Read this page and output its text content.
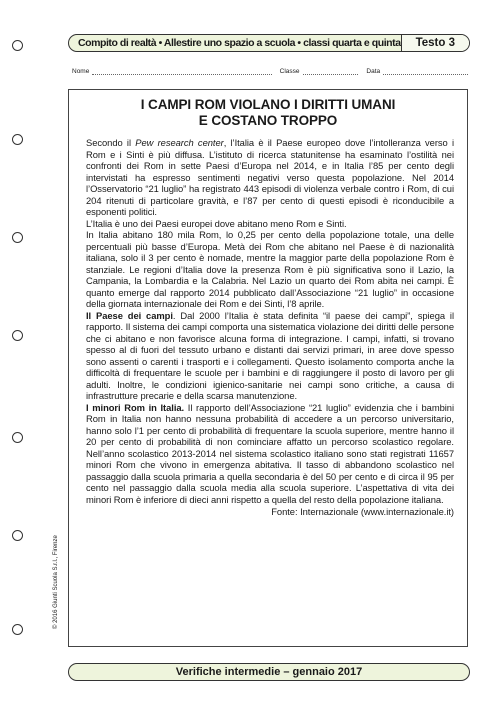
Compito di realtà • Allestire uno spazio a scuola • classi quarta e quinta	Testo 3
Nome	Classe	Data
I CAMPI ROM VIOLANO I DIRITTI UMANI
E COSTANO TROPPO

Secondo il Pew research center, l’Italia è il Paese europeo dove l’intolleranza verso i Rom e i Sinti è più diffusa. L’istituto di ricerca statunitense ha esaminato l’ostilità nei confronti dei Rom in sette Paesi d’Europa nel 2014, e in Italia l’85 per cento degli intervistati ha espresso sentimenti negativi verso questa popolazione. Nel 2014 l’Osservatorio “21 luglio” ha registrato 443 episodi di violenza verbale contro i Rom, di cui 204 ritenuti di particolare gravità, e l’87 per cento di questi episodi è riconducibile a esponenti politici.

L’Italia è uno dei Paesi europei dove abitano meno Rom e Sinti.

In Italia abitano 180 mila Rom, lo 0,25 per cento della popolazione totale, una delle percentuali più basse d’Europa. Metà dei Rom che abitano nel Paese è di nazionalità italiana, solo il 3 per cento è nomade, mentre la maggior parte della popolazione Rom è stanziale. Le regioni d’Italia dove la presenza Rom è più significativa sono il Lazio, la Campania, la Lombardia e la Calabria. Nel Lazio un quarto dei Rom abita nei campi. È quanto emerge dal rapporto 2014 pubblicato dall’Associazione “21 luglio” in occasione della giornata internazionale dei Rom e dei Sinti, l’8 aprile.

Il Paese dei campi. Dal 2000 l’Italia è stata definita “il paese dei campi”, spiega il rapporto. Il sistema dei campi comporta una sistematica violazione dei diritti delle persone che ci abitano e non favorisce alcuna forma di integrazione. I campi, infatti, si trovano spesso al di fuori del tessuto urbano e distanti dai servizi primari, in aree dove spesso sono assenti o carenti i trasporti e i collegamenti. Questo isolamento comporta anche la difficoltà di frequentare le scuole per i bambini e di raggiungere il posto di lavoro per gli adulti. Inoltre, le condizioni igienico-sanitarie nei campi sono critiche, a causa di infrastrutture precarie e della scarsa manutenzione.

I minori Rom in Italia. Il rapporto dell’Associazione “21 luglio” evidenzia che i bambini Rom in Italia non hanno nessuna probabilità di accedere a un percorso universitario, hanno solo l’1 per cento di probabilità di frequentare la scuola superiore, mentre hanno il 20 per cento di probabilità di non cominciare affatto un percorso scolastico regolare. Nell’anno scolastico 2013-2014 nel sistema scolastico italiano sono stati registrati 11657 minori Rom che vivono in emergenza abitativa. Il tasso di abbandono scolastico nel passaggio dalla scuola primaria a quella secondaria è del 50 per cento e di circa il 95 per cento nel passaggio dalla scuola media alla scuola superiore. L’aspettativa di vita dei minori Rom è inferiore di dieci anni rispetto a quella del resto della popolazione italiana.

Fonte: Internazionale (www.internazionale.it)

© 2016 Giunti Scuola S.r.l., Firenze
Verifiche intermedie – gennaio 2017
